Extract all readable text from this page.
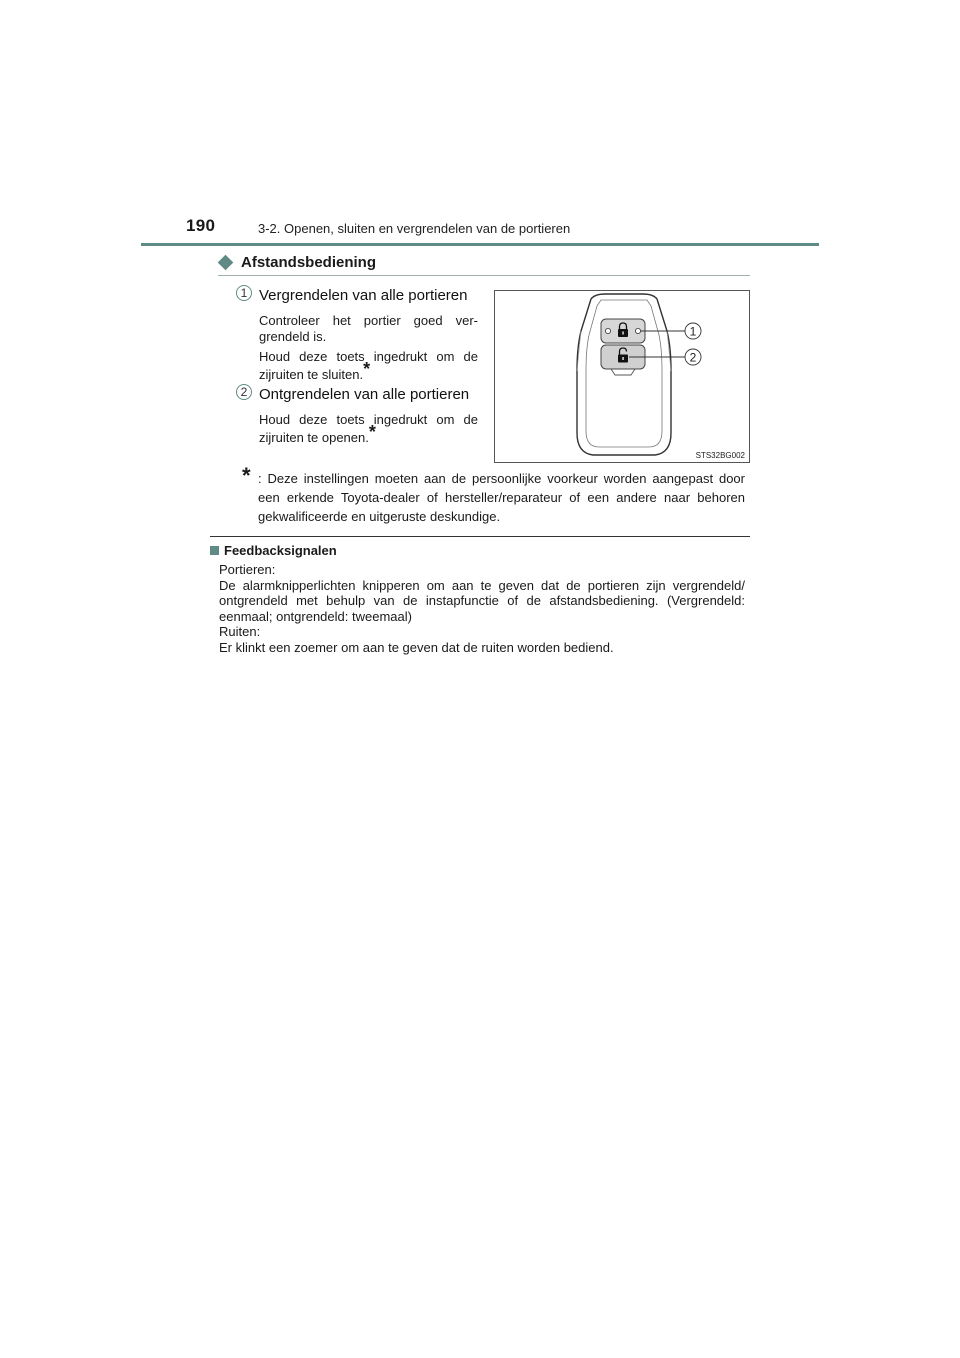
190	3-2. Openen, sluiten en vergrendelen van de portieren
Afstandsbediening
1 Vergrendelen van alle portieren
Controleer het portier goed ver- grendeld is.
Houd deze toets ingedrukt om de zijruiten te sluiten.*
2 Ontgrendelen van alle portieren
Houd deze toets ingedrukt om de zijruiten te openen.*
1
2
STS32BG002
* : Deze instellingen moeten aan de persoonlijke voorkeur worden aangepast door een erkende Toyota-dealer of hersteller/reparateur of een andere naar behoren gekwalificeerde en uitgeruste deskundige.
Feedbacksignalen

Portieren:

De alarmknipperlichten knipperen om aan te geven dat de portieren zijn vergrendeld/ ontgrendeld met behulp van de instapfunctie of de afstandsbediening. (Vergrendeld: eenmaal; ontgrendeld: tweemaal)

Ruiten:

Er klinkt een zoemer om aan te geven dat de ruiten worden bediend.
